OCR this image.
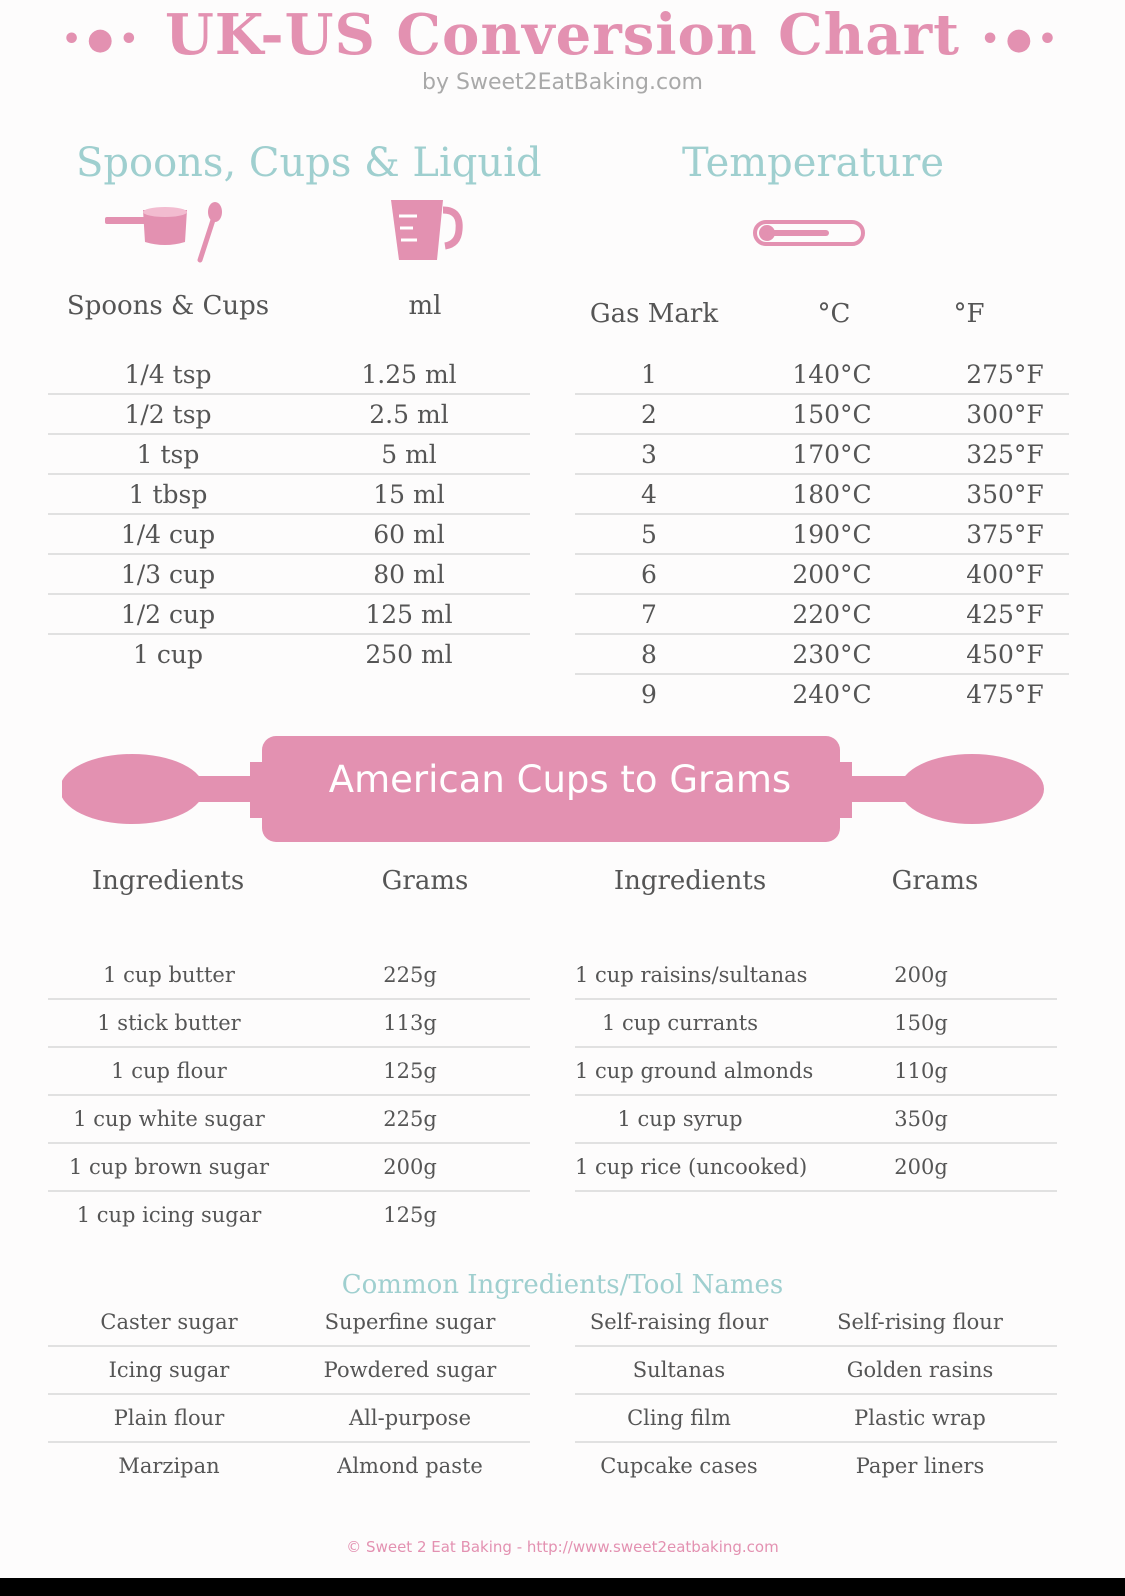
•●• UK-US Conversion Chart •●•
by Sweet2EatBaking.com
Spoons, Cups & Liquid	Temperature
Spoons & Cups	ml
1/4 tsp	1.25 ml
1/2 tsp	2.5 ml
1 tsp	5 ml
1 tbsp	15 ml
1/4 cup	60 ml
1/3 cup	80 ml
1/2 cup	125 ml
1 cup	250 ml
Gas Mark	°C	°F
1	140°C	275°F
2	150°C	300°F
3	170°C	325°F
4	180°C	350°F
5	190°C	375°F
6	200°C	400°F
7	220°C	425°F
8	230°C	450°F
9	240°C	475°F
American Cups to Grams
Ingredients	Grams	Ingredients	Grams
1 cup butter	225g
1 stick butter	113g
1 cup flour	125g
1 cup white sugar	225g
1 cup brown sugar	200g
1 cup icing sugar	125g
1 cup raisins/sultanas	200g
1 cup currants	150g
1 cup ground almonds	110g
1 cup syrup	350g
1 cup rice (uncooked)	200g
Common Ingredients/Tool Names
Caster sugar	Superfine sugar
Icing sugar	Powdered sugar
Plain flour	All-purpose
Marzipan	Almond paste
Self-raising flour	Self-rising flour
Sultanas	Golden rasins
Cling film	Plastic wrap
Cupcake cases	Paper liners
© Sweet 2 Eat Baking - http://www.sweet2eatbaking.com
